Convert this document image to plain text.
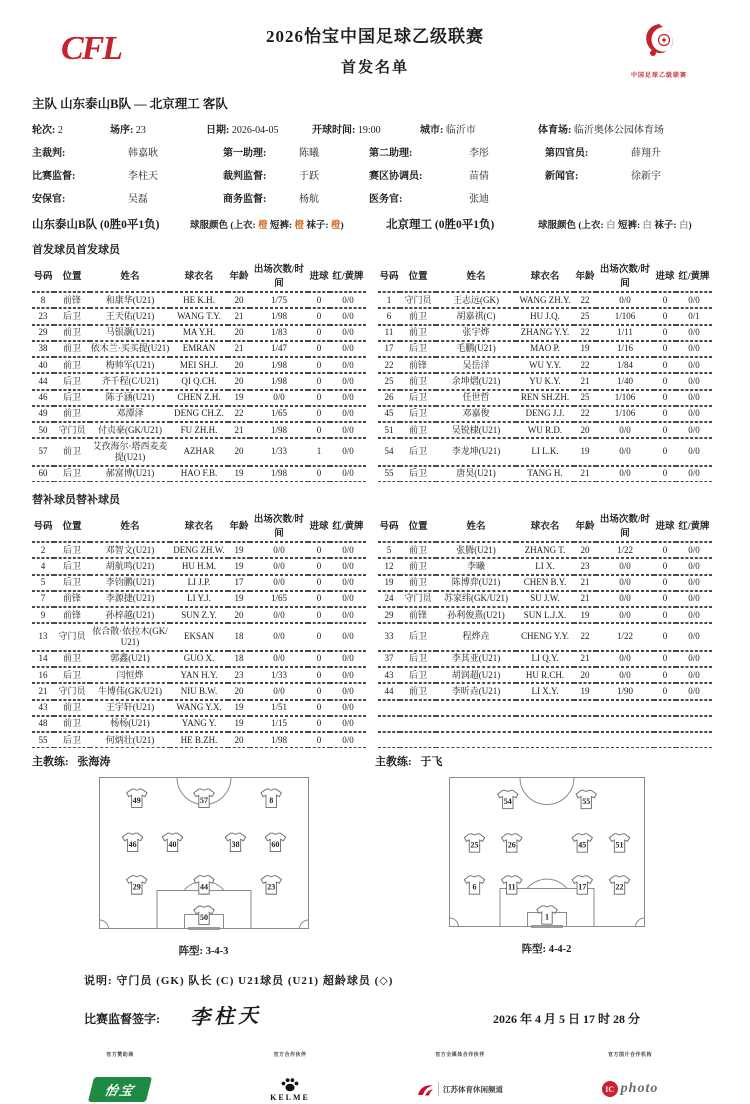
CFL	2026怡宝中国足球乙级联赛
首发名单	中国足球乙级联赛
主队 山东泰山B队 — 北京理工 客队
轮次: 2	场序: 23	日期: 2026-04-05	开球时间: 19:00	城市: 临沂市	体育场: 临沂奥体公园体育场
主裁判:	韩嘉耿	第一助理:	陈曦	第二助理:	李彤	第四官员:	薛翔升
比赛监督:	李柱天	裁判监督:	于跃	赛区协调员:	苗倩	新闻官:	徐新宇
安保官:	吴磊	商务监督:	杨航	医务官:	张迪
山东泰山B队 (0胜0平1负)	球服颜色 (上衣: 橙 短裤: 橙 袜子: 橙)	北京理工 (0胜0平1负)	球服颜色 (上衣: 白 短裤: 白 袜子: 白)
首发球员首发球员
号码	位置	姓名	球衣名	年龄	出场次数/时间	进球	红/黄牌		号码	位置	姓名	球衣名	年龄	出场次数/时间	进球	红/黄牌
8	前锋	和康华(U21)	HE K.H.	20	1/75	0	0/0		1	守门员	王志远(GK)	WANG ZH.Y.	22	0/0	0	0/0
23	后卫	王天佑(U21)	WANG T.Y.	21	1/98	0	0/0		6	前卫	胡嘉祺(C)	HU J.Q.	25	1/106	0	0/1
29	前卫	马银灏(U21)	MA Y.H.	20	1/83	0	0/0		11	前卫	张宇烨	ZHANG Y.Y.	22	1/11	0	0/0
38	前卫	依木兰·买买提(U21)	EMRAN	21	1/47	0	0/0		17	后卫	毛鹏(U21)	MAO P.	19	1/16	0	0/0
40	前卫	梅帅军(U21)	MEI SH.J.	20	1/98	0	0/0		22	前锋	吴岳洋	WU Y.Y.	22	1/84	0	0/0
44	后卫	齐千程(C/U21)	QI Q.CH.	20	1/98	0	0/0		25	前卫	余坤熠(U21)	YU K.Y.	21	1/40	0	0/0
46	后卫	陈子涵(U21)	CHEN Z.H.	19	0/0	0	0/0		26	后卫	任世哲	REN SH.ZH.	25	1/106	0	0/0
49	前卫	邓潭泽	DENG CH.Z.	22	1/65	0	0/0		45	后卫	邓嘉俊	DENG J.J.	22	1/106	0	0/0
50	守门员	付贞豪(GK/U21)	FU ZH.H.	21	1/98	0	0/0		51	前卫	吴锐棣(U21)	WU R.D.	20	0/0	0	0/0
57	前卫	艾孜海尔·塔西麦麦提(U21)	AZHAR	20	1/33	1	0/0		54	后卫	李龙坤(U21)	LI L.K.	19	0/0	0	0/0
60	后卫	郝富博(U21)	HAO F.B.	19	1/98	0	0/0		55	后卫	唐昊(U21)	TANG H.	21	0/0	0	0/0
替补球员替补球员
号码	位置	姓名	球衣名	年龄	出场次数/时间	进球	红/黄牌		号码	位置	姓名	球衣名	年龄	出场次数/时间	进球	红/黄牌
2	后卫	邓智文(U21)	DENG ZH.W.	19	0/0	0	0/0		5	前卫	张腾(U21)	ZHANG T.	20	1/22	0	0/0
4	后卫	胡航鸣(U21)	HU H.M.	19	0/0	0	0/0		12	前卫	李曦	LI X.	23	0/0	0	0/0
5	后卫	李钧鹏(U21)	LI J.P.	17	0/0	0	0/0		19	前卫	陈博弈(U21)	CHEN B.Y.	21	0/0	0	0/0
7	前锋	李源捷(U21)	LI Y.J.	19	1/65	0	0/0		24	守门员	苏家纬(GK/U21)	SU J.W.	21	0/0	0	0/0
9	前锋	孙梓越(U21)	SUN Z.Y.	20	0/0	0	0/0		29	前锋	孙利俊熹(U21)	SUN L.J.X.	19	0/0	0	0/0
13	守门员	依合散·依拉木(GK/U21)	EKSAN	18	0/0	0	0/0		33	后卫	程烨垚	CHENG Y.Y.	22	1/22	0	0/0
14	前卫	郭鑫(U21)	GUO X.	18	0/0	0	0/0		37	后卫	李其亚(U21)	LI Q.Y.	21	0/0	0	0/0
16	后卫	闫恒烨	YAN H.Y.	23	1/33	0	0/0		43	后卫	胡润超(U21)	HU R.CH.	20	0/0	0	0/0
21	守门员	牛博伟(GK/U21)	NIU B.W.	20	0/0	0	0/0		44	前卫	李昕垚(U21)	LI X.Y.	19	1/90	0	0/0
43	前卫	王宇轩(U21)	WANG Y.X.	19	1/51	0	0/0									
48	前卫	杨杨(U21)	YANG Y.	19	1/15	0	0/0									
55	后卫	何炳壮(U21)	HE B.ZH.	20	1/98	0	0/0									
主教练: 张海涛	主教练: 于飞
49	57	8
46	40	38	60
29	44	23
50
阵型: 3-4-3
54	55
25	26	45	51
6	11	17	22
1
阵型: 4-4-2
说明: 守门员 (GK) 队长 (C) U21球员 (U21) 超龄球员 (◇)
比赛监督签字: 李柱天	2026 年 4 月 5 日 17 时 28 分
官方赞助商
怡宝
官方合作伙伴
KELME
官方全媒体合作伙伴
江苏体育休闲频道
官方图片合作机构
IC photo
